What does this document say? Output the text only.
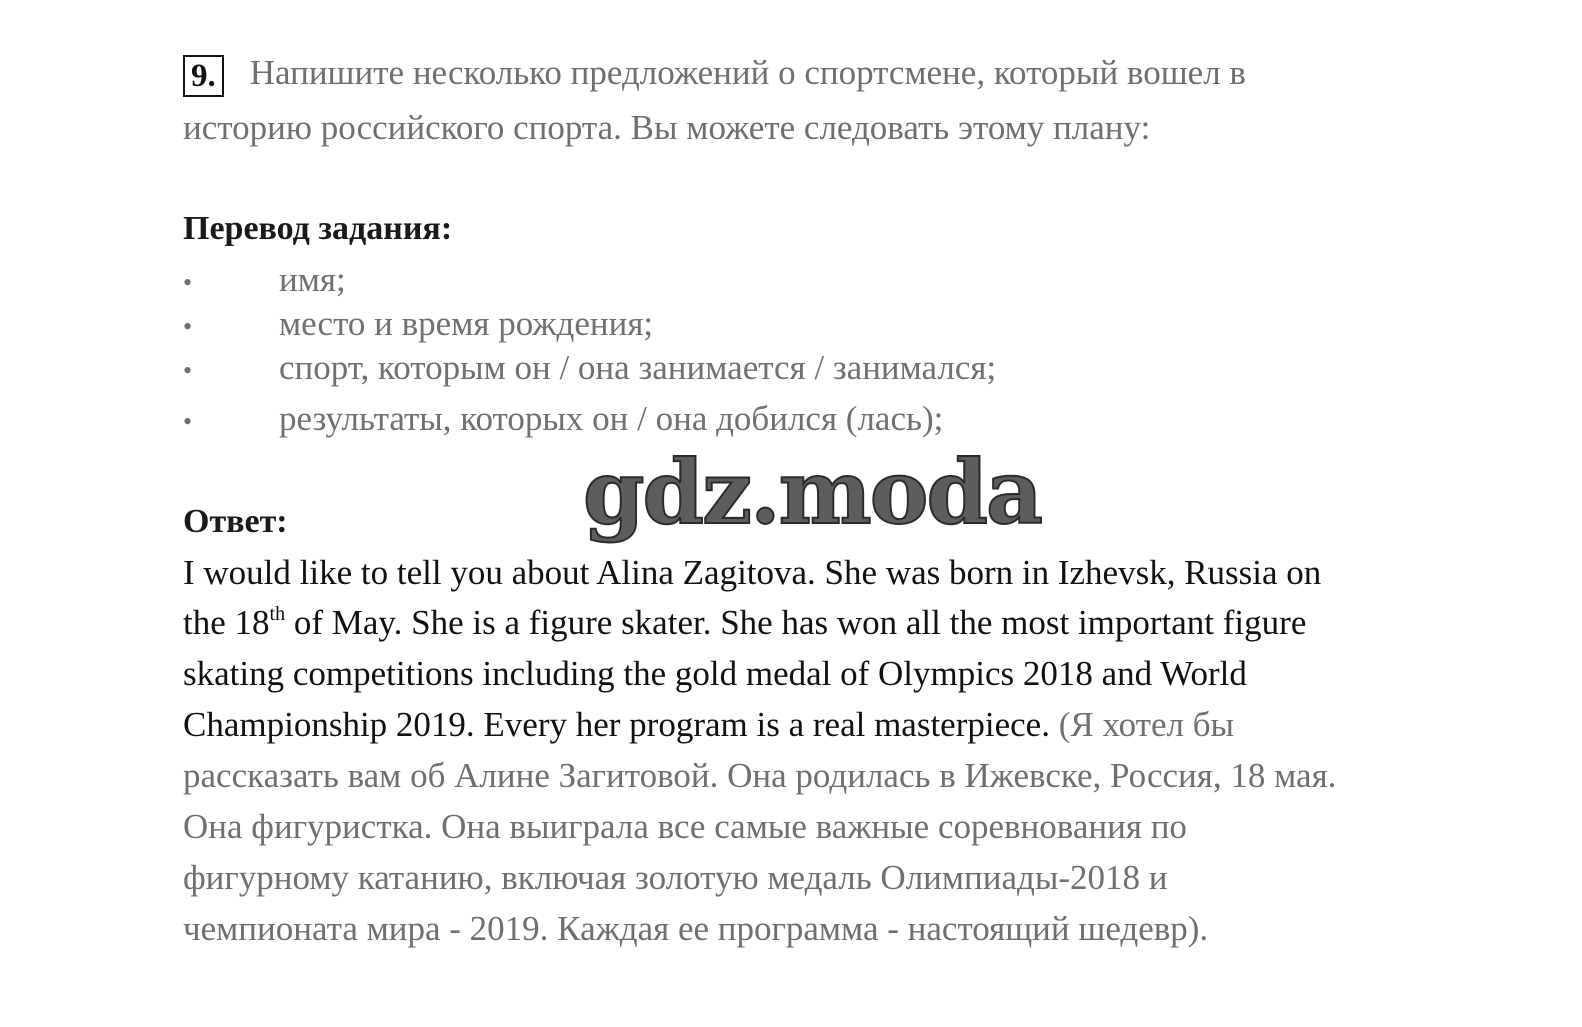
9. Напишите несколько предложений о спортсмене, который вошел в
историю российского спорта. Вы можете следовать этому плану:
Перевод задания:
• имя;
• место и время рождения;
• спорт, которым он / она занимается / занимался;
• результаты, которых он / она добился (лась);
Ответ:	gdz.moda
I would like to tell you about Alina Zagitova. She was born in Izhevsk, Russia on
the 18th of May. She is a figure skater. She has won all the most important figure
skating competitions including the gold medal of Olympics 2018 and World
Championship 2019. Every her program is a real masterpiece. (Я хотел бы
рассказать вам об Алине Загитовой. Она родилась в Ижевске, Россия, 18 мая.
Она фигуристка. Она выиграла все самые важные соревнования по
фигурному катанию, включая золотую медаль Олимпиады-2018 и
чемпионата мира - 2019. Каждая ее программа - настоящий шедевр).
